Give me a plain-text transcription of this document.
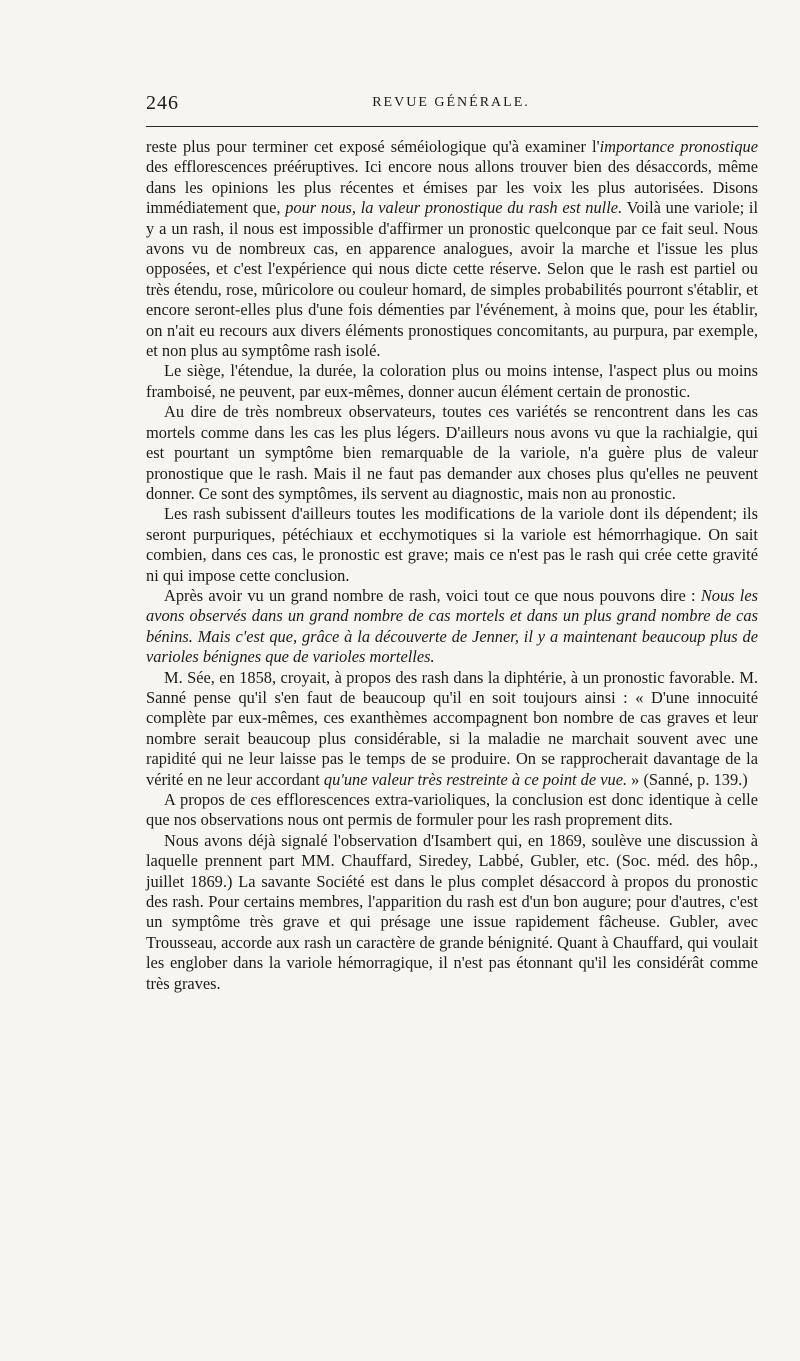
246	REVUE GÉNÉRALE.

reste plus pour terminer cet exposé séméiologique qu'à examiner l'importance pronostique des efflorescences prééruptives. Ici encore nous allons trouver bien des désaccords, même dans les opinions les plus récentes et émises par les voix les plus autorisées. Disons immédiatement que, pour nous, la valeur pronostique du rash est nulle. Voilà une variole; il y a un rash, il nous est impossible d'affirmer un pronostic quelconque par ce fait seul. Nous avons vu de nombreux cas, en apparence analogues, avoir la marche et l'issue les plus opposées, et c'est l'expérience qui nous dicte cette réserve. Selon que le rash est partiel ou très étendu, rose, mûricolore ou couleur homard, de simples probabilités pourront s'établir, et encore seront-elles plus d'une fois démenties par l'événement, à moins que, pour les établir, on n'ait eu recours aux divers éléments pronostiques concomitants, au purpura, par exemple, et non plus au symptôme rash isolé.

Le siège, l'étendue, la durée, la coloration plus ou moins intense, l'aspect plus ou moins framboisé, ne peuvent, par eux-mêmes, donner aucun élément certain de pronostic.

Au dire de très nombreux observateurs, toutes ces variétés se rencontrent dans les cas mortels comme dans les cas les plus légers. D'ailleurs nous avons vu que la rachialgie, qui est pourtant un symptôme bien remarquable de la variole, n'a guère plus de valeur pronostique que le rash. Mais il ne faut pas demander aux choses plus qu'elles ne peuvent donner. Ce sont des symptômes, ils servent au diagnostic, mais non au pronostic.

Les rash subissent d'ailleurs toutes les modifications de la variole dont ils dépendent; ils seront purpuriques, pétéchiaux et ecchymotiques si la variole est hémorrhagique. On sait combien, dans ces cas, le pronostic est grave; mais ce n'est pas le rash qui crée cette gravité ni qui impose cette conclusion.

Après avoir vu un grand nombre de rash, voici tout ce que nous pouvons dire : Nous les avons observés dans un grand nombre de cas mortels et dans un plus grand nombre de cas bénins. Mais c'est que, grâce à la découverte de Jenner, il y a maintenant beaucoup plus de varioles bénignes que de varioles mortelles.

M. Sée, en 1858, croyait, à propos des rash dans la diphtérie, à un pronostic favorable. M. Sanné pense qu'il s'en faut de beaucoup qu'il en soit toujours ainsi : « D'une innocuité complète par eux-mêmes, ces exanthèmes accompagnent bon nombre de cas graves et leur nombre serait beaucoup plus considérable, si la maladie ne marchait souvent avec une rapidité qui ne leur laisse pas le temps de se produire. On se rapprocherait davantage de la vérité en ne leur accordant qu'une valeur très restreinte à ce point de vue. » (Sanné, p. 139.)

A propos de ces efflorescences extra-varioliques, la conclusion est donc identique à celle que nos observations nous ont permis de formuler pour les rash proprement dits.

Nous avons déjà signalé l'observation d'Isambert qui, en 1869, soulève une discussion à laquelle prennent part MM. Chauffard, Siredey, Labbé, Gubler, etc. (Soc. méd. des hôp., juillet 1869.) La savante Société est dans le plus complet désaccord à propos du pronostic des rash. Pour certains membres, l'apparition du rash est d'un bon augure; pour d'autres, c'est un symptôme très grave et qui présage une issue rapidement fâcheuse. Gubler, avec Trousseau, accorde aux rash un caractère de grande bénignité. Quant à Chauffard, qui voulait les englober dans la variole hémorragique, il n'est pas étonnant qu'il les considérât comme très graves.
